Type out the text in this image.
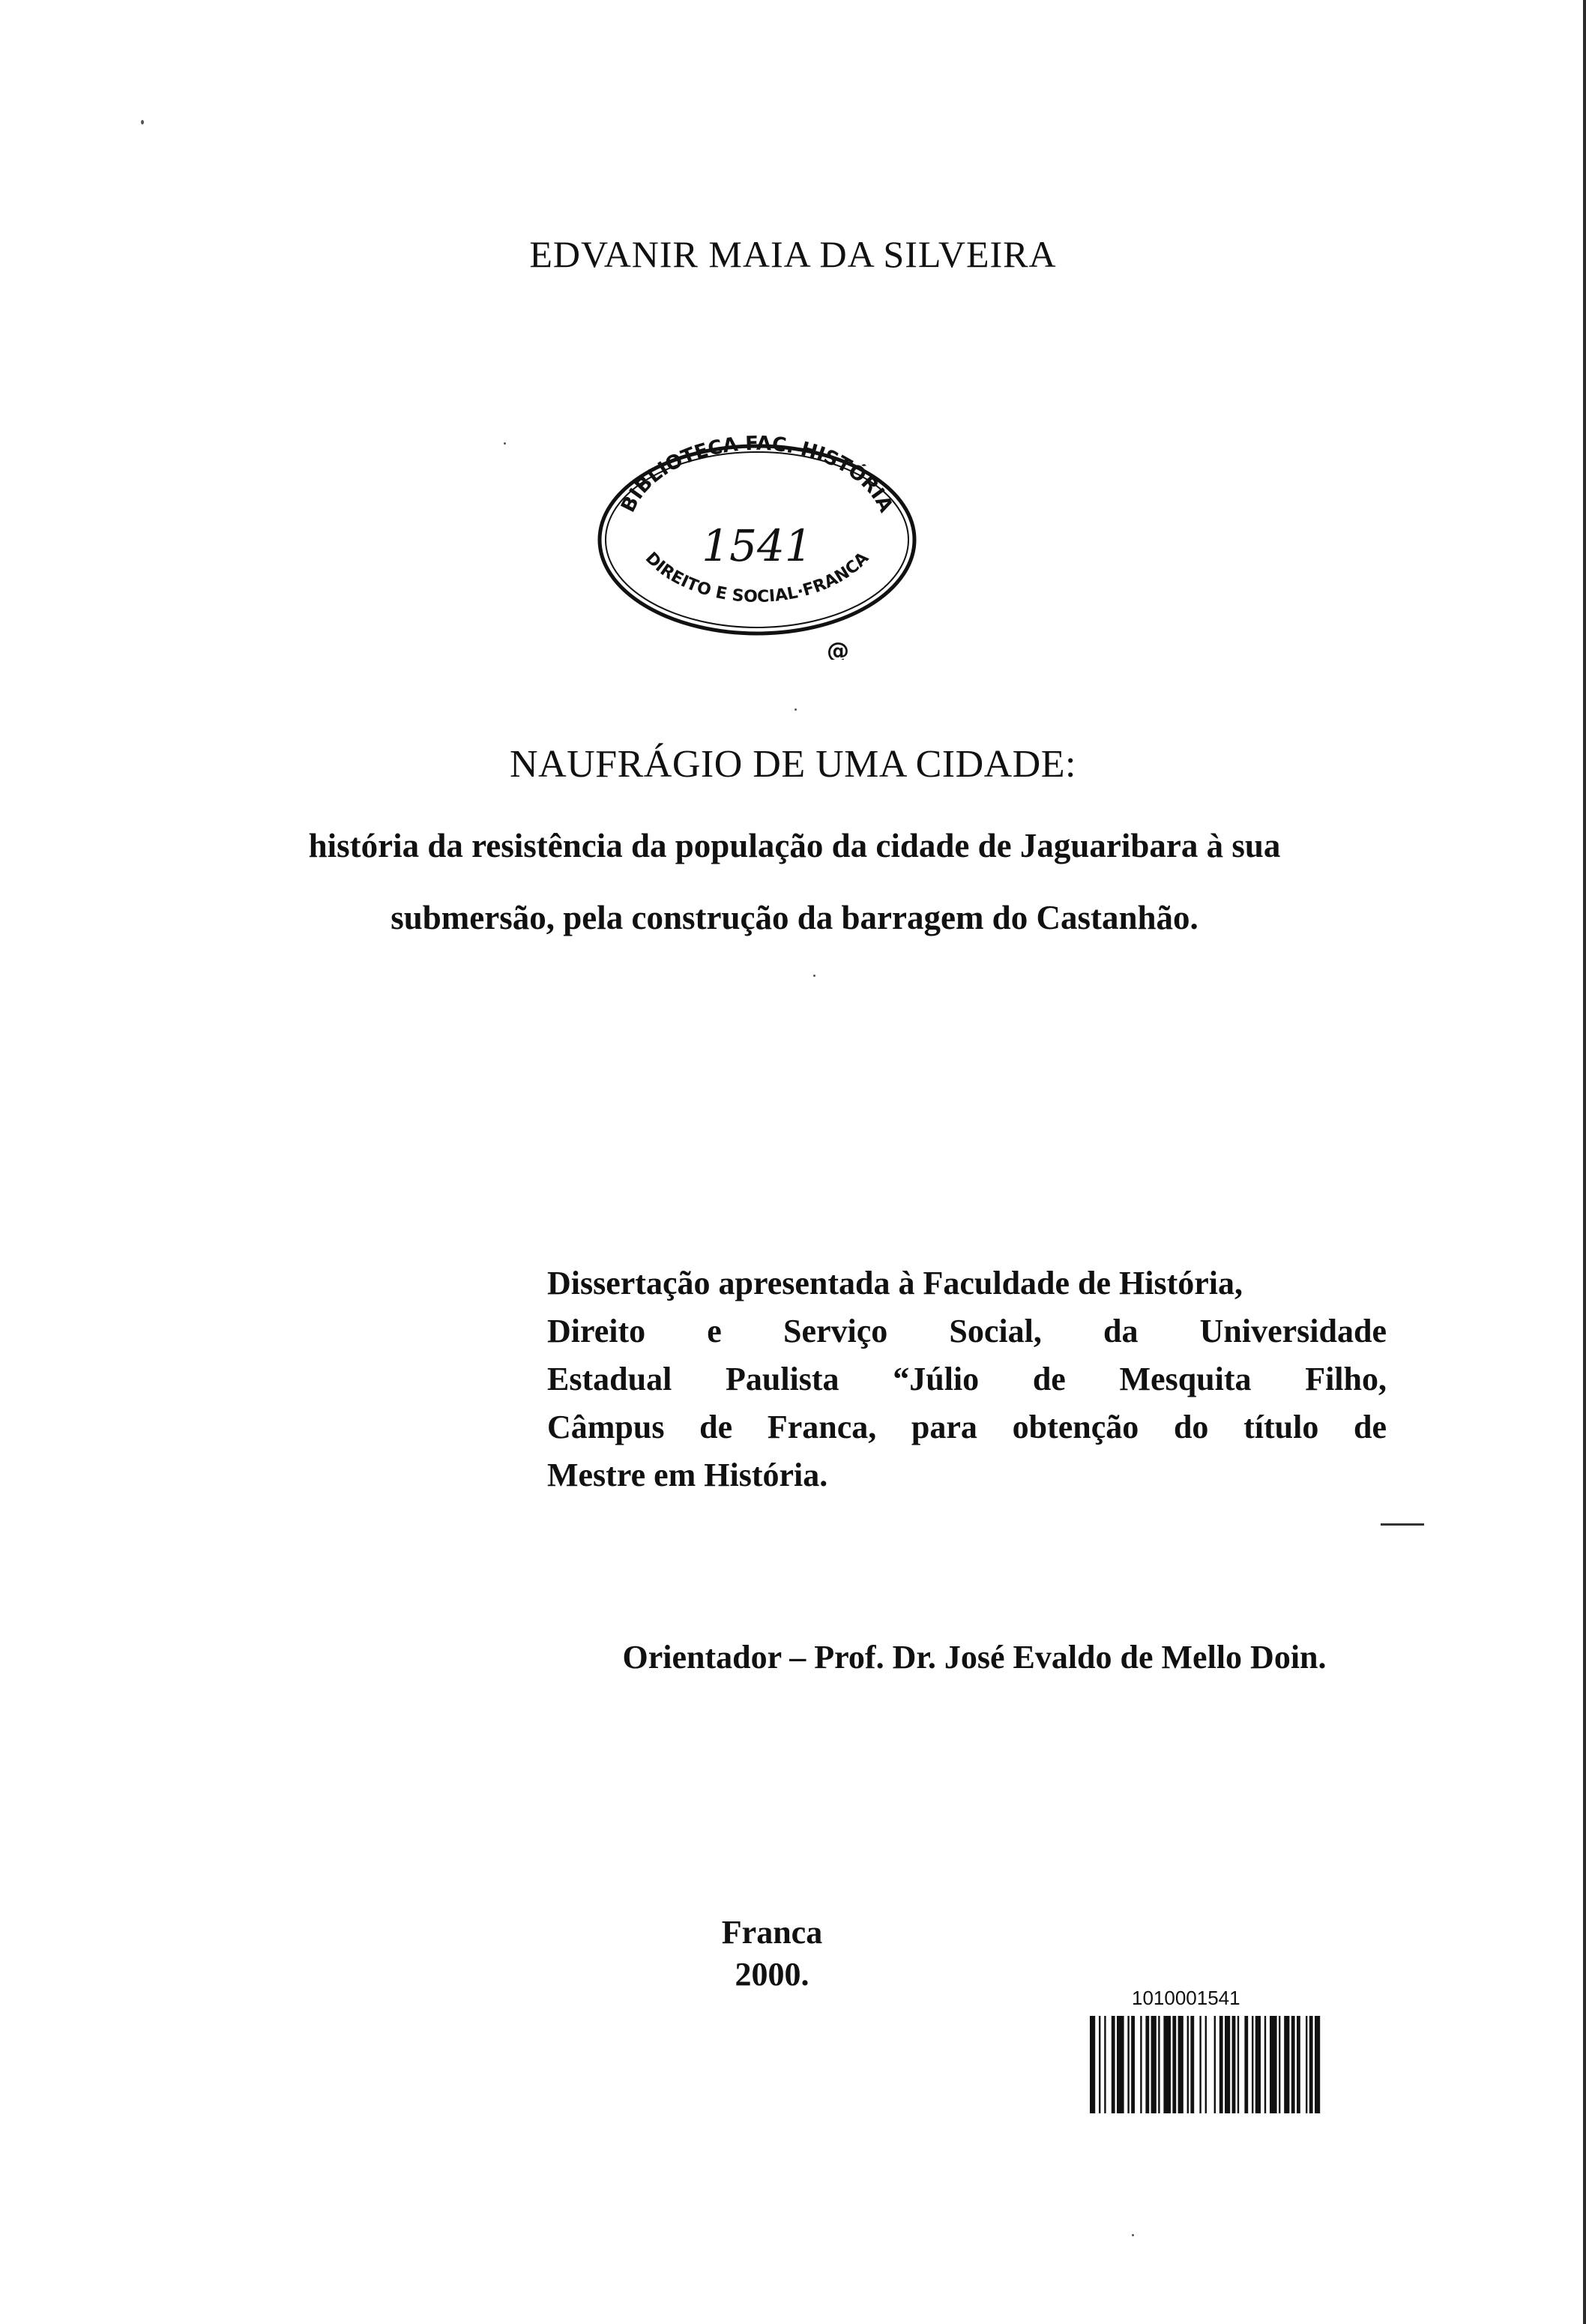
EDVANIR MAIA DA SILVEIRA
BIBLIOTECA FAC. HISTÓRIA
DIREITO E SOCIAL·FRANCA
1541
@
NAUFRÁGIO DE UMA CIDADE:
história da resistência da população da cidade de Jaguaribara à sua
submersão, pela construção da barragem do Castanhão.
Dissertação apresentada à Faculdade de História,
Direito e Serviço Social, da Universidade
Estadual Paulista “Júlio de Mesquita Filho,
Câmpus de Franca, para obtenção do título de
Mestre em História.
Orientador – Prof. Dr. José Evaldo de Mello Doin.
Franca
2000.
1010001541
